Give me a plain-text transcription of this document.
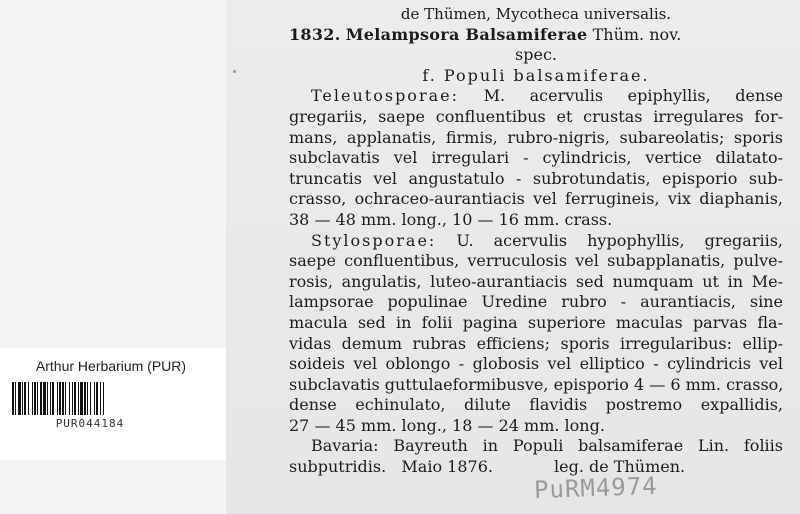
Arthur Herbarium (PUR)
PUR044184
de Thümen, Mycotheca universalis.
1832. Melampsora Balsamiferae Thüm. nov.
spec.
f. Populi balsamiferae.
Teleutosporae: M. acervulis epiphyllis, dense
gregariis, saepe confluentibus et crustas irregulares for-
mans, applanatis, firmis, rubro-nigris, subareolatis; sporis
subclavatis vel irregulari - cylindricis, vertice dilatato-
truncatis vel angustatulo - subrotundatis, episporio sub-
crasso, ochraceo-aurantiacis vel ferrugineis, vix diaphanis,
38 — 48 mm. long., 10 — 16 mm. crass.
Stylosporae: U. acervulis hypophyllis, gregariis,
saepe confluentibus, verruculosis vel subapplanatis, pulve-
rosis, angulatis, luteo-aurantiacis sed numquam ut in Me-
lampsorae populinae Uredine rubro - aurantiacis, sine
macula sed in folii pagina superiore maculas parvas fla-
vidas demum rubras efficiens; sporis irregularibus: ellip-
soideis vel oblongo - globosis vel elliptico - cylindricis vel
subclavatis guttulaeformibusve, episporio 4 — 6 mm. crasso,
dense echinulato, dilute flavidis postremo expallidis,
27 — 45 mm. long., 18 — 24 mm. long.
Bavaria: Bayreuth in Populi balsamiferae Lin. foliis
subputridis.   Maio 1876.            leg. de Thümen.
PuRM4974
